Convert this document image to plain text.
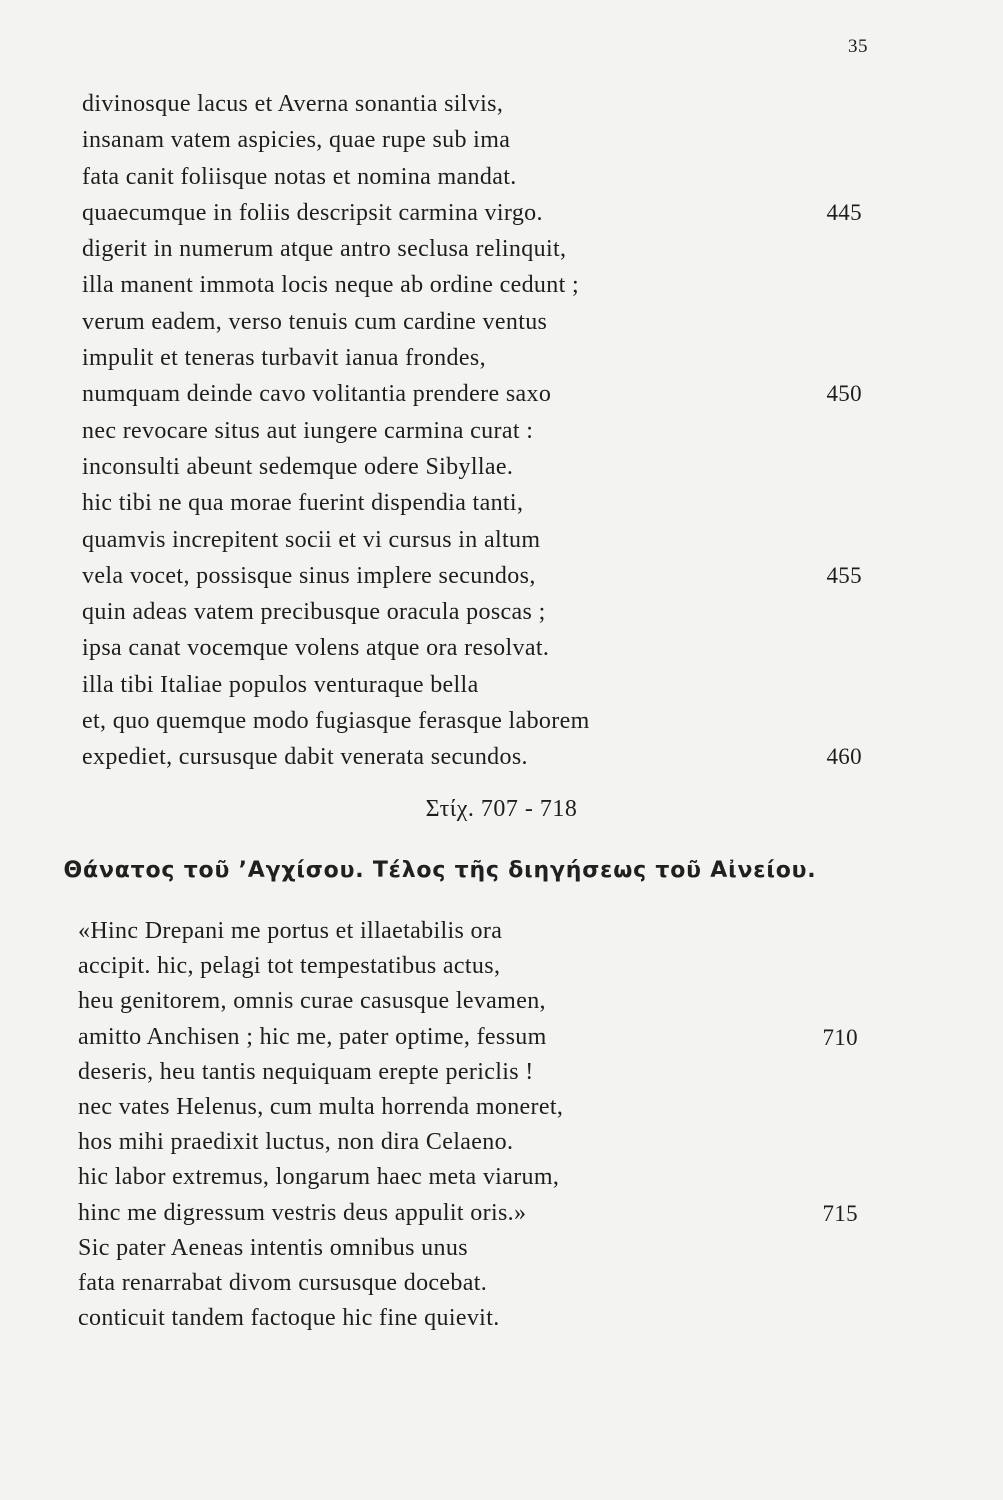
35
divinosque lacus et Averna sonantia silvis,
insanam vatem aspicies, quae rupe sub ima
fata canit foliisque notas et nomina mandat.
quaecumque in foliis descripsit carmina virgo.	445
digerit in numerum atque antro seclusa relinquit,
illa manent immota locis neque ab ordine cedunt ;
verum eadem, verso tenuis cum cardine ventus
impulit et teneras turbavit ianua frondes,
numquam deinde cavo volitantia prendere saxo	450
nec revocare situs aut iungere carmina curat :
inconsulti abeunt sedemque odere Sibyllae.
hic tibi ne qua morae fuerint dispendia tanti,
quamvis increpitent socii et vi cursus in altum
vela vocet, possisque sinus implere secundos,	455
quin adeas vatem precibusque oracula poscas ;
ipsa canat vocemque volens atque ora resolvat.
illa tibi Italiae populos venturaque bella
et, quo quemque modo fugiasque ferasque laborem
expediet, cursusque dabit venerata secundos.	460
Στίχ. 707 - 718
Θάνατος τοῦ ’Αγχίσου. Τέλος τῆς διηγήσεως τοῦ Αἰνείου.
«Hinc Drepani me portus et illaetabilis ora
accipit. hic, pelagi tot tempestatibus actus,
heu genitorem, omnis curae casusque levamen,
amitto Anchisen ; hic me, pater optime, fessum	710
deseris, heu tantis nequiquam erepte periclis !
nec vates Helenus, cum multa horrenda moneret,
hos mihi praedixit luctus, non dira Celaeno.
hic labor extremus, longarum haec meta viarum,
hinc me digressum vestris deus appulit oris.»	715
Sic pater Aeneas intentis omnibus unus
fata renarrabat divom cursusque docebat.
conticuit tandem factoque hic fine quievit.
